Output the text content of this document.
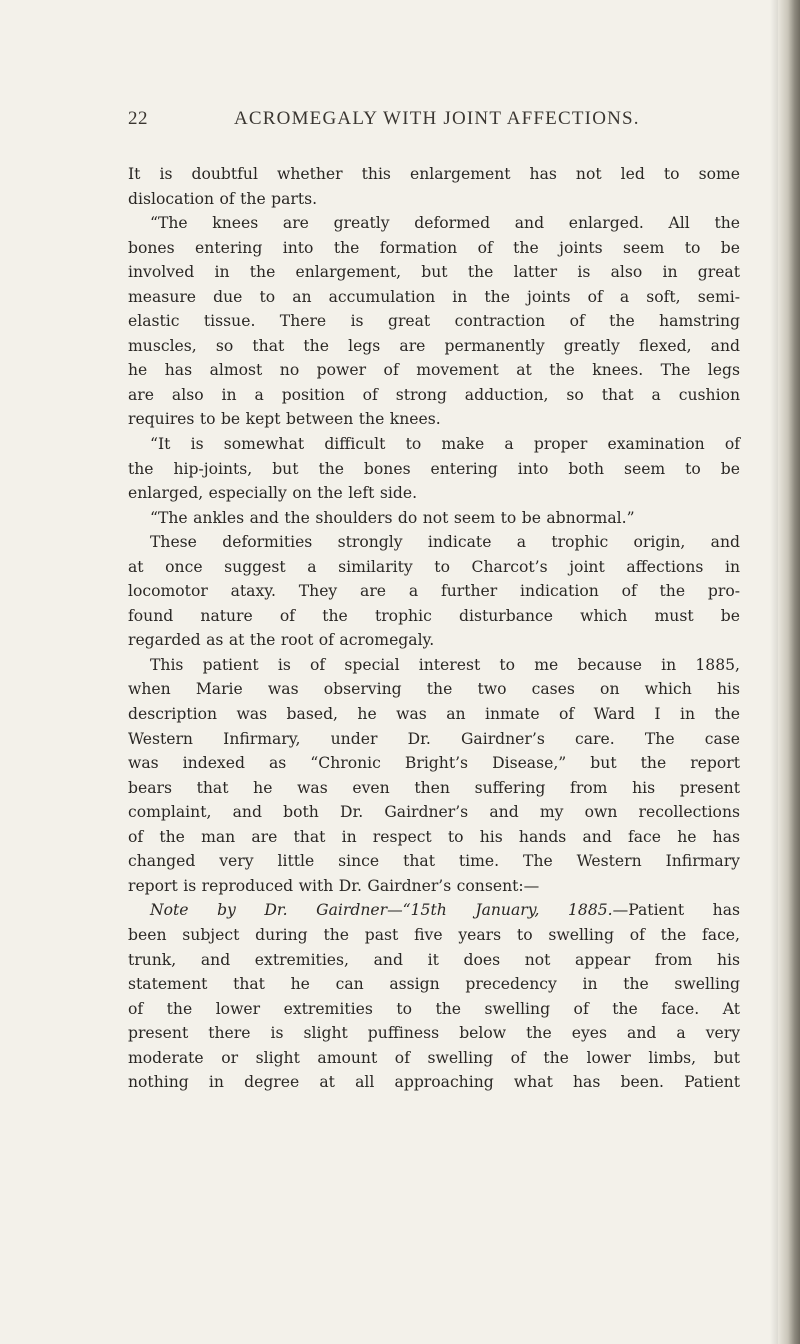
22	ACROMEGALY WITH JOINT AFFECTIONS.
It is doubtful whether this enlargement has not led to some
dislocation of the parts.
“The knees are greatly deformed and enlarged. All the
bones entering into the formation of the joints seem to be
involved in the enlargement, but the latter is also in great
measure due to an accumulation in the joints of a soft, semi-
elastic tissue. There is great contraction of the hamstring
muscles, so that the legs are permanently greatly flexed, and
he has almost no power of movement at the knees. The legs
are also in a position of strong adduction, so that a cushion
requires to be kept between the knees.
“It is somewhat difficult to make a proper examination of
the hip-joints, but the bones entering into both seem to be
enlarged, especially on the left side.
“The ankles and the shoulders do not seem to be abnormal.”
These deformities strongly indicate a trophic origin, and
at once suggest a similarity to Charcot’s joint affections in
locomotor ataxy. They are a further indication of the pro-
found nature of the trophic disturbance which must be
regarded as at the root of acromegaly.
This patient is of special interest to me because in 1885,
when Marie was observing the two cases on which his
description was based, he was an inmate of Ward I in the
Western Infirmary, under Dr. Gairdner’s care. The case
was indexed as “Chronic Bright’s Disease,” but the report
bears that he was even then suffering from his present
complaint, and both Dr. Gairdner’s and my own recollections
of the man are that in respect to his hands and face he has
changed very little since that time. The Western Infirmary
report is reproduced with Dr. Gairdner’s consent:—
Note by Dr. Gairdner—“15th January, 1885.—Patient has
been subject during the past five years to swelling of the face,
trunk, and extremities, and it does not appear from his
statement that he can assign precedency in the swelling
of the lower extremities to the swelling of the face. At
present there is slight puffiness below the eyes and a very
moderate or slight amount of swelling of the lower limbs, but
nothing in degree at all approaching what has been. Patient
